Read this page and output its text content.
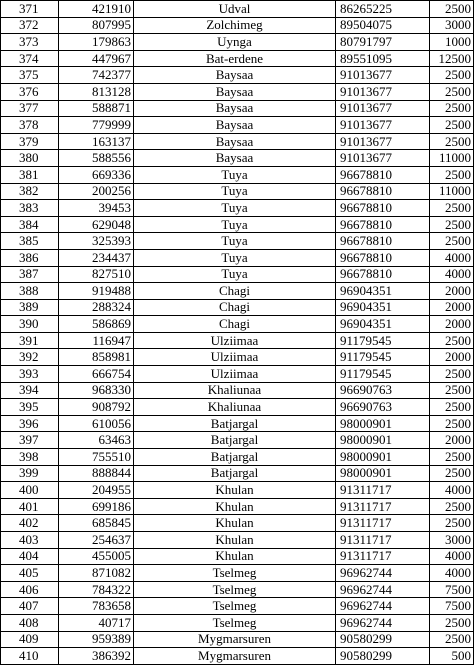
371	421910	Udval	86265225	2500
372	807995	Zolchimeg	89504075	3000
373	179863	Uynga	80791797	1000
374	447967	Bat-erdene	89551095	12500
375	742377	Baysaa	91013677	2500
376	813128	Baysaa	91013677	2500
377	588871	Baysaa	91013677	2500
378	779999	Baysaa	91013677	2500
379	163137	Baysaa	91013677	2500
380	588556	Baysaa	91013677	11000
381	669336	Tuya	96678810	2500
382	200256	Tuya	96678810	11000
383	39453	Tuya	96678810	2500
384	629048	Tuya	96678810	2500
385	325393	Tuya	96678810	2500
386	234437	Tuya	96678810	4000
387	827510	Tuya	96678810	4000
388	919488	Chagi	96904351	2000
389	288324	Chagi	96904351	2000
390	586869	Chagi	96904351	2000
391	116947	Ulziimaa	91179545	2500
392	858981	Ulziimaa	91179545	2000
393	666754	Ulziimaa	91179545	2500
394	968330	Khaliunaa	96690763	2500
395	908792	Khaliunaa	96690763	2500
396	610056	Batjargal	98000901	2500
397	63463	Batjargal	98000901	2000
398	755510	Batjargal	98000901	2500
399	888844	Batjargal	98000901	2500
400	204955	Khulan	91311717	4000
401	699186	Khulan	91311717	2500
402	685845	Khulan	91311717	2500
403	254637	Khulan	91311717	3000
404	455005	Khulan	91311717	4000
405	871082	Tselmeg	96962744	4000
406	784322	Tselmeg	96962744	7500
407	783658	Tselmeg	96962744	7500
408	40717	Tselmeg	96962744	2500
409	959389	Mygmarsuren	90580299	2500
410	386392	Mygmarsuren	90580299	500
